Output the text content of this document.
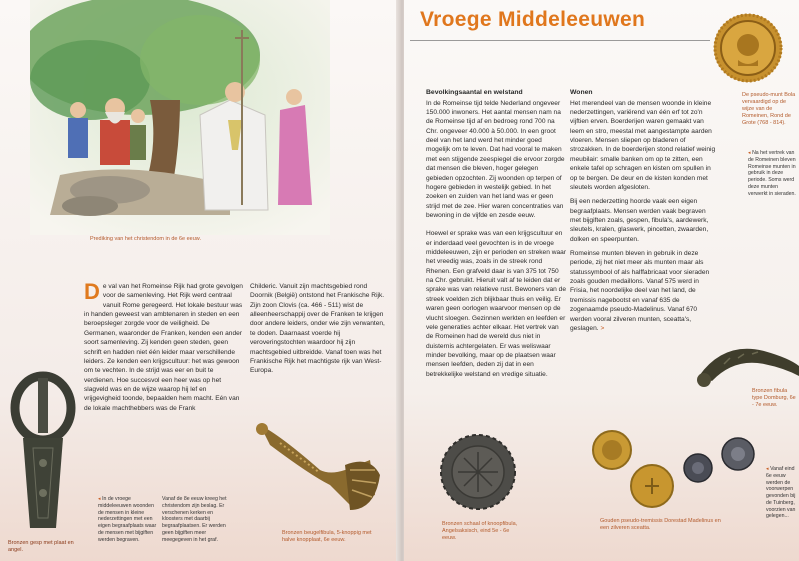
Prediking van het christendom in de 6e eeuw.
De val van het Romeinse Rijk had grote gevolgen voor de samenleving. Het Rijk werd centraal vanuit Rome geregeerd. Het lokale bestuur was in handen geweest van ambtenaren in steden en een beroepsleger zorgde voor de veiligheid. De Germanen, waaronder de Franken, kenden een ander soort samenleving. Zij kenden geen steden, geen schrift en hadden niet één leider maar verschillende leiders. Ze kenden een krijgscultuur: het was gewoon om te vechten. In de strijd was eer en buit te verdienen. Hoe succesvol een heer was op het slagveld was en de wijze waarop hij lef en vrijgevigheid toonde, bepaalden hem macht. Eén van de lokale machthebbers was de Frank
Childeric. Vanuit zijn machtsgebied rond Doornik (België) ontstond het Frankische Rijk. Zijn zoon Clovis (ca. 466 - 511) wist de alleenheerschappij over de Franken te krijgen door andere leiders, onder wie zijn verwanten, te doden. Daarnaast voerde hij veroveringstochten waardoor hij zijn machtsgebied uitbreidde. Vanaf toen was het Frankische Rijk het machtigste rijk van West-Europa.
Bronzen gesp met plaat en angel.
◂ In de vroege middeleeuwen woonden de mensen in kleine nederzettingen met een eigen begraafplaats waar de mensen met bijgiften werden begraven.
Vanaf de 8e eeuw kreeg het christendom zijn beslag. Er verschenen kerken en kloosters met daarbij begraafplaatsen. Er werden geen bijgiften meer meegegeven in het graf.
Bronzen beugelfibula, 5-knoppig met halve knopplaat, 6e eeuw.
Vroege Middeleeuwen
De pseudo-munt Bola vervaardigd op de wijze van de Romeinen, Rond de Grote (768 - 814).
◂ Na het vertrek van de Romeinen bleven Romeinse munten in gebruik in deze periode. Soms werd deze munten verwerkt in sieraden.
Bevolkingsaantal en welstand
In de Romeinse tijd telde Nederland ongeveer 150.000 inwoners. Het aantal mensen nam na de Romeinse tijd af en bedroeg rond 700 na Chr. ongeveer 40.000 à 50.000. In een groot deel van het land werd het minder goed mogelijk om te leven. Dat had vooral te maken met een stijgende zeespiegel die ervoor zorgde dat mensen die bleven, hoger gelegen gebieden opzochten. Zij woonden op terpen of hogere gebieden in westelijk gebied. In het zoeken en zuiden van het land was er geen strijd met de zee. Hier waren concentraties van bewoning in de vijfde en zesde eeuw.
Hoewel er sprake was van een krijgscultuur en er inderdaad veel gevochten is in de vroege middeleeuwen, zijn er perioden en streken waar het vreedig was, zoals in de streek rond Rhenen. Een grafveld daar is van 375 tot 750 na Chr. gebruikt. Hieruit valt af te leiden dat er sprake was van relatieve rust. Bewoners van de streek voelden zich blijkbaar thuis en veilig. Er waren geen oorlogen waarvoor mensen op de vlucht sloegen. Gezinnen werkten en leefden er vele generaties achter elkaar. Het vertrek van de Romeinen had de wereld dus niet in duisternis achtergelaten. Er was weliswaar minder bevolking, maar op de plaatsen waar mensen leefden, deden zij dat in een betrekkelijke welstand en vredige situatie.
Wonen
Het merendeel van de mensen woonde in kleine nederzettingen, variërend van één erf tot zo'n vijftien erven. Boerderijen waren gemaakt van leem en stro, meestal met aangestampte aarden vloeren. Mensen sliepen op bladeren of strozakken. In de boerderijen stond relatief weinig meubilair: smalle banken om op te zitten, een enkele tafel op schragen en kisten om spullen in op te bergen. De deur en de kisten konden met sleutels worden afgesloten.
Bij een nederzetting hoorde vaak een eigen begraafplaats. Mensen werden vaak begraven met bijgiften zoals, gespen, fibula's, aardewerk, sleutels, kralen, glaswerk, pincetten, zwaarden, dolken en speerpunten.
Romeinse munten bleven in gebruik in deze periode, zij het niet meer als munten maar als statussymbool of als halffabricaat voor sieraden zoals gouden medaillons. Vanaf 575 werd in Frisia, het noordelijke deel van het land, de tremissis nagebootst en vanaf 635 de zogenaamde pseudo-Madelinus. Vanaf 670 werden vooral zilveren munten, sceatta's, geslagen. >
Bronzen schaal of knoopfibula, Angelsaksisch, eind 5e - 6e eeuw.
Gouden pseudo-tremissis Dorestad Madelinus en een zilveren sceatta.
Bronzen fibula type Domburg, 6e - 7e eeuw.
◂ Vanaf eind 6e eeuw werden de voorwerpen gevonden bij de Tuinberg, voorzien van gelegen...
